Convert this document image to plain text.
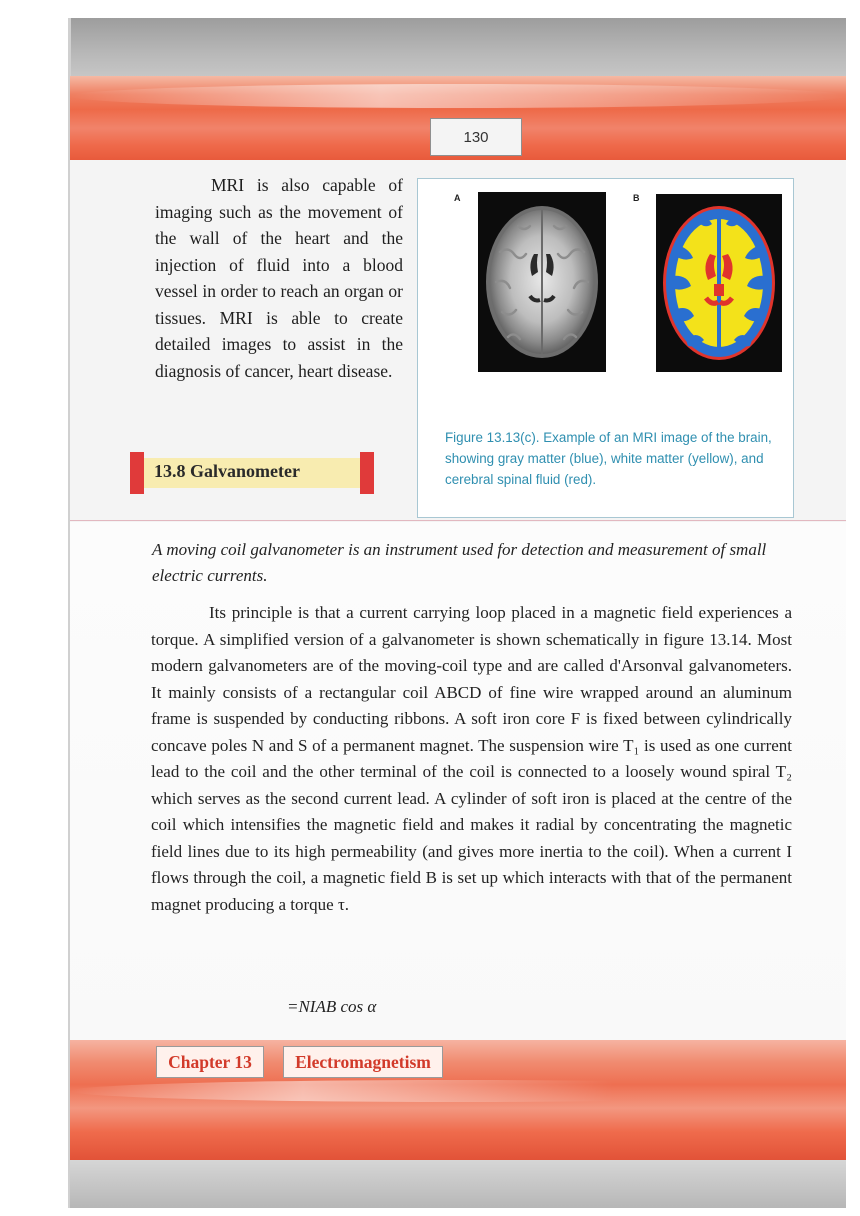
130

MRI is also capable of imaging such as the movement of the wall of the heart and the injection of fluid into a blood vessel in order to reach an organ or tissues. MRI is able to create detailed images to assist in the diagnosis of cancer, heart disease.

13.8 Galvanometer
A	B

Figure 13.13(c). Example of an MRI image of the brain, showing gray matter (blue), white matter (yellow), and cerebral spinal fluid (red).

A moving coil galvanometer is an instrument used for detection and measurement of small electric currents.

Its principle is that a current carrying loop placed in a magnetic field experiences a torque. A simplified version of a galvanometer is shown schematically in figure 13.14. Most modern galvanometers are of the moving-coil type and are called d'Arsonval galvanometers. It mainly consists of a rectangular coil ABCD of fine wire wrapped around an aluminum frame is suspended by conducting ribbons. A soft iron core F is fixed between cylindrically concave poles N and S of a permanent magnet. The suspension wire T₁ is used as one current lead to the coil and the other terminal of the coil is connected to a loosely wound spiral T₂ which serves as the second current lead. A cylinder of soft iron is placed at the centre of the coil which intensifies the magnetic field and makes it radial by concentrating the magnetic field lines due to its high permeability (and gives more inertia to the coil). When a current I flows through the coil, a magnetic field B is set up which interacts with that of the permanent magnet producing a torque τ.

=NIAB cos α
Chapter 13	Electromagnetism
